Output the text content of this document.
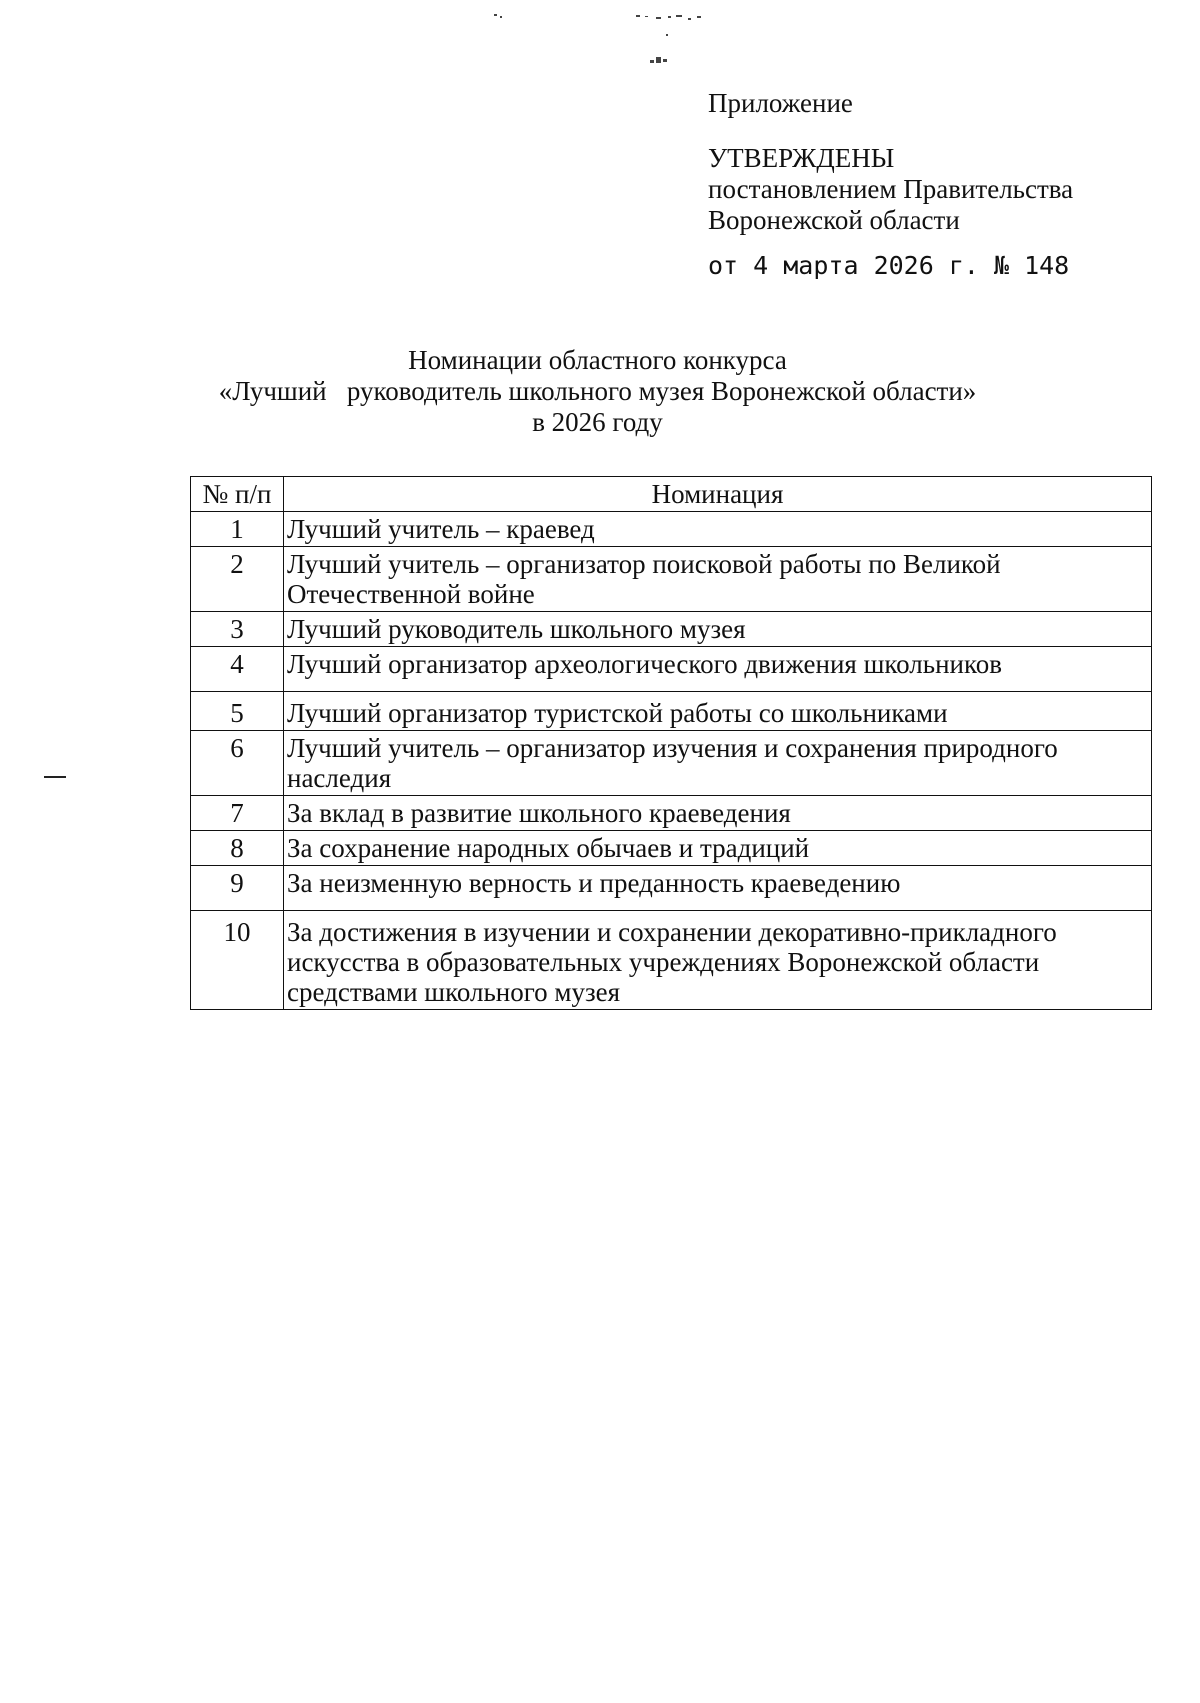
Приложение
УТВЕРЖДЕНЫ
постановлением Правительства
Воронежской области
от 4 марта 2026 г. № 148
Номинации областного конкурса
«Лучший   руководитель школьного музея Воронежской области»
в 2026 году
№ п/п	Номинация
1	Лучший учитель – краевед
2	Лучший учитель – организатор поисковой работы по Великой Отечественной войне
3	Лучший руководитель школьного музея
4	Лучший организатор археологического движения школьников
5	Лучший организатор туристской работы со школьниками
6	Лучший учитель – организатор изучения и сохранения природного наследия
7	За вклад в развитие школьного краеведения
8	За сохранение народных обычаев и традиций
9	За неизменную верность и преданность краеведению
10	За достижения в изучении и сохранении декоративно-прикладного искусства в образовательных учреждениях Воронежской области средствами школьного музея
